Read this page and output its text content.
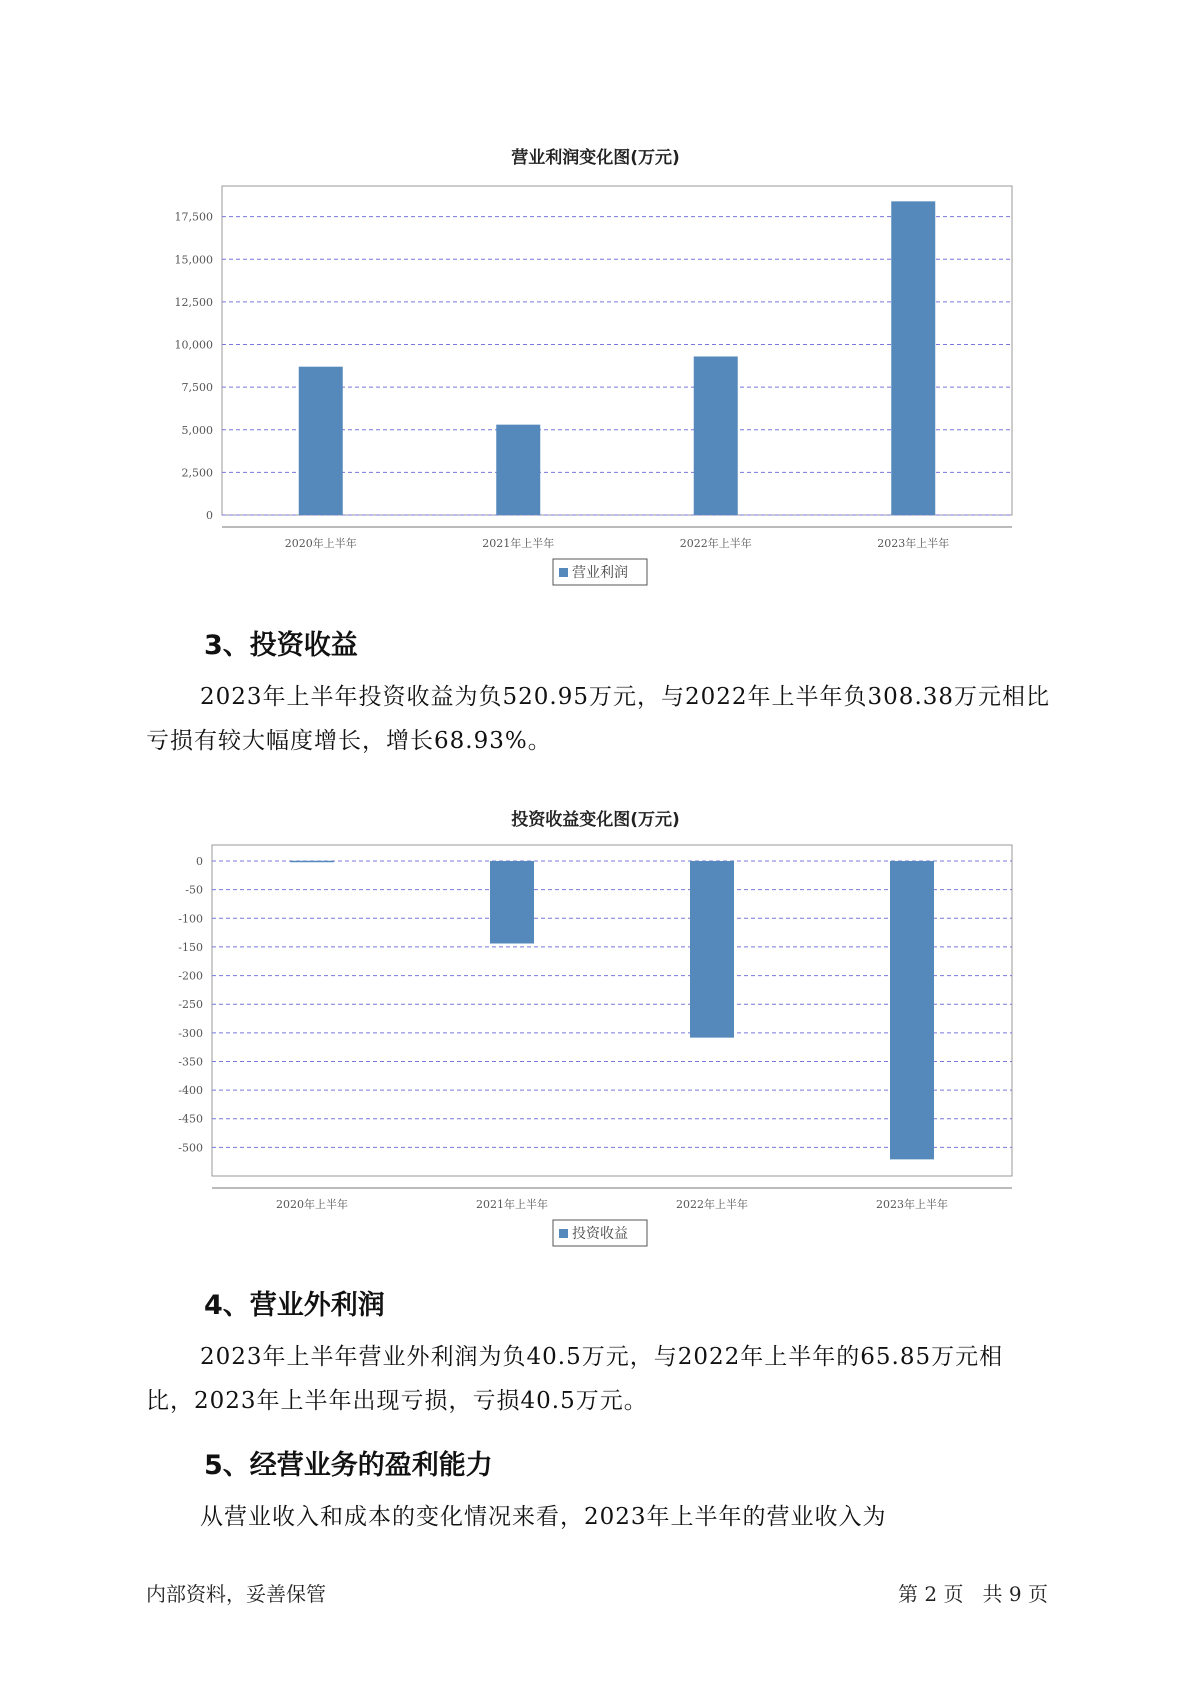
营业利润变化图(万元)
0
2,500
5,000
7,500
10,000
12,500
15,000
17,500
2020年上半年	2021年上半年	2022年上半年	2023年上半年
营业利润
3、投资收益

2023年上半年投资收益为负520.95万元，与2022年上半年负308.38万元相比亏损有较大幅度增长，增长68.93%。

投资收益变化图(万元)
0
-50
-100
-150
-200
-250
-300
-350
-400
-450
-500
2020年上半年	2021年上半年	2022年上半年	2023年上半年
投资收益
4、营业外利润

2023年上半年营业外利润为负40.5万元，与2022年上半年的65.85万元相比，2023年上半年出现亏损，亏损40.5万元。

5、经营业务的盈利能力

从营业收入和成本的变化情况来看，2023年上半年的营业收入为

内部资料，妥善保管	第 2 页   共 9 页
